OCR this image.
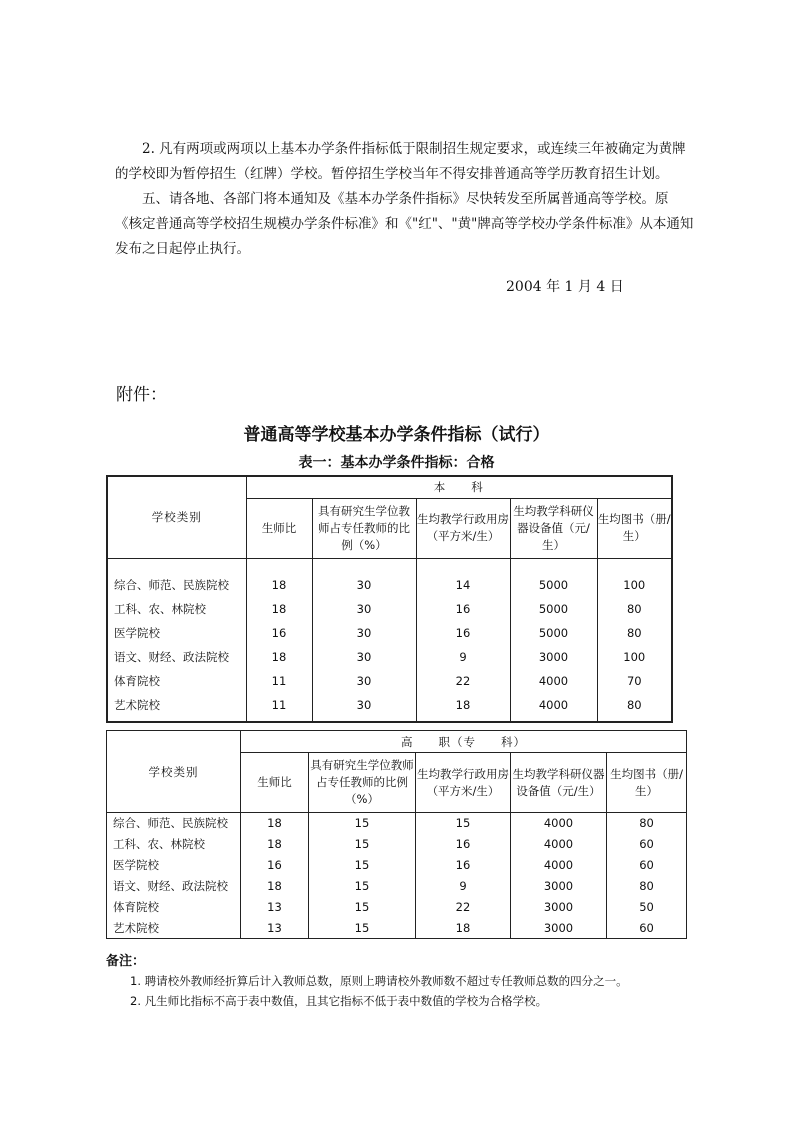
2. 凡有两项或两项以上基本办学条件指标低于限制招生规定要求，或连续三年被确定为黄牌的学校即为暂停招生（红牌）学校。暂停招生学校当年不得安排普通高等学历教育招生计划。

五、请各地、各部门将本通知及《基本办学条件指标》尽快转发至所属普通高等学校。原《核定普通高等学校招生规模办学条件标准》和《"红"、"黄"牌高等学校办学条件标准》从本通知发布之日起停止执行。

2004 年 1 月 4 日
附件：
普通高等学校基本办学条件指标（试行）
表一：基本办学条件指标：合格
学校类别	本　　科				
	生师比	具有研究生学位教师占专任教师的比例（%）	生均教学行政用房（平方米/生）	生均教学科研仪器设备值（元/生）	生均图书（册/生）
综合、师范、民族院校	18	30	14	5000	100
工科、农、林院校	18	30	16	5000	80
医学院校	16	30	16	5000	80
语文、财经、政法院校	18	30	9	3000	100
体育院校	11	30	22	4000	70
艺术院校	11	30	18	4000	80
学校类别	高　　职（专　　科）				
	生师比	具有研究生学位教师占专任教师的比例（%）	生均教学行政用房（平方米/生）	生均教学科研仪器设备值（元/生）	生均图书（册/生）
综合、师范、民族院校	18	15	15	4000	80
工科、农、林院校	18	15	16	4000	60
医学院校	16	15	16	4000	60
语文、财经、政法院校	18	15	9	3000	80
体育院校	13	15	22	3000	50
艺术院校	13	15	18	3000	60
备注：
1. 聘请校外教师经折算后计入教师总数，原则上聘请校外教师数不超过专任教师总数的四分之一。
2. 凡生师比指标不高于表中数值，且其它指标不低于表中数值的学校为合格学校。
